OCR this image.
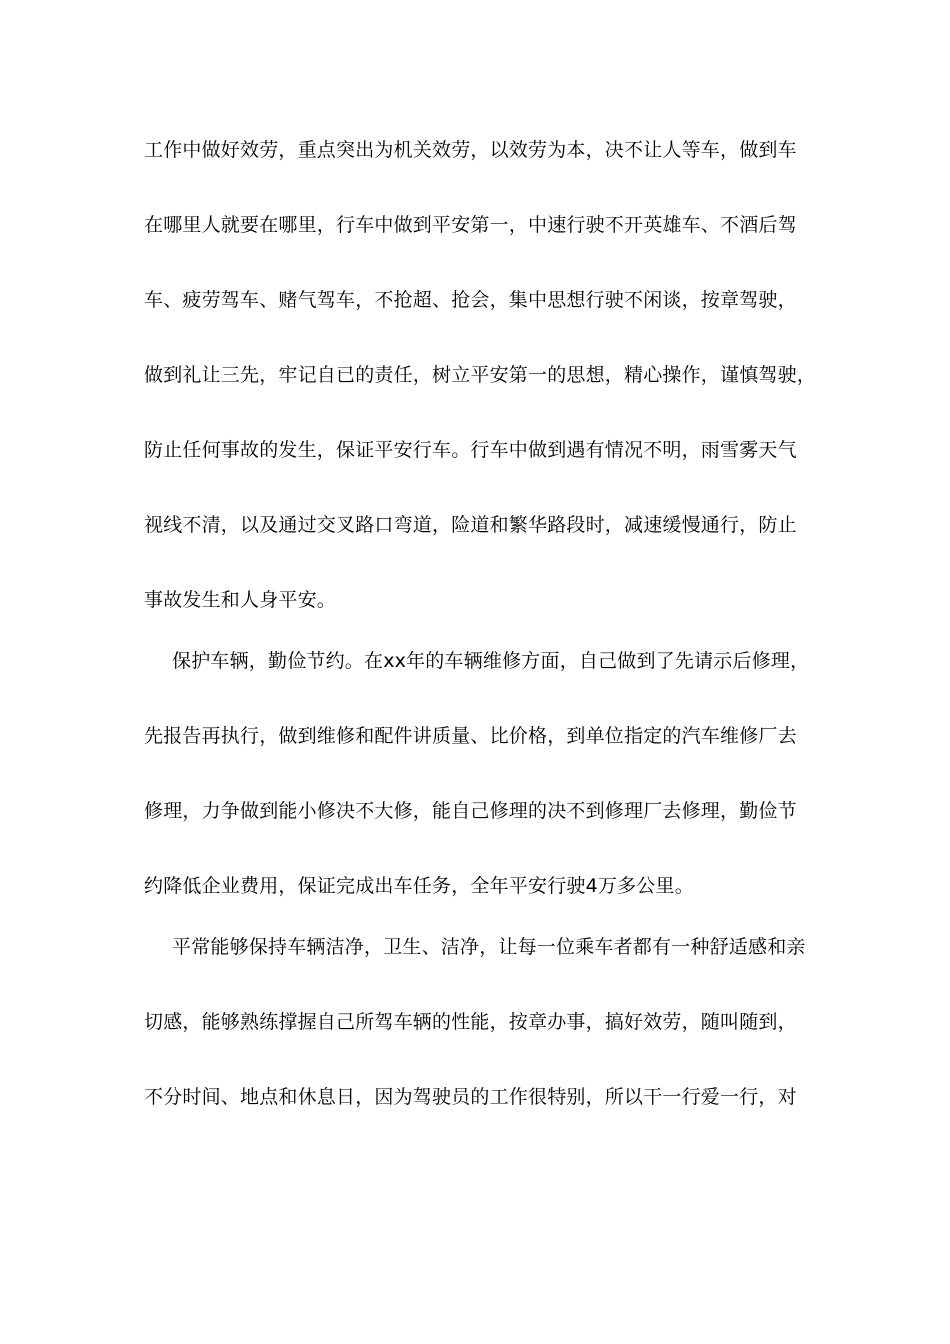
工作中做好效劳，重点突出为机关效劳，以效劳为本，决不让人等车，做到车
在哪里人就要在哪里，行车中做到平安第一，中速行驶不开英雄车、不酒后驾
车、疲劳驾车、赌气驾车，不抢超、抢会，集中思想行驶不闲谈，按章驾驶，
做到礼让三先，牢记自已的责任，树立平安第一的思想，精心操作，谨慎驾驶，
防止任何事故的发生，保证平安行车。行车中做到遇有情况不明，雨雪雾天气
视线不清，以及通过交叉路口弯道，险道和繁华路段时，减速缓慢通行，防止
事故发生和人身平安。
保护车辆，勤俭节约。在xx年的车辆维修方面，自己做到了先请示后修理，
先报告再执行，做到维修和配件讲质量、比价格，到单位指定的汽车维修厂去
修理，力争做到能小修决不大修，能自己修理的决不到修理厂去修理，勤俭节
约降低企业费用，保证完成出车任务，全年平安行驶4万多公里。
平常能够保持车辆洁净，卫生、洁净，让每一位乘车者都有一种舒适感和亲
切感，能够熟练撑握自己所驾车辆的性能，按章办事，搞好效劳，随叫随到，
不分时间、地点和休息日，因为驾驶员的工作很特别，所以干一行爱一行，对
